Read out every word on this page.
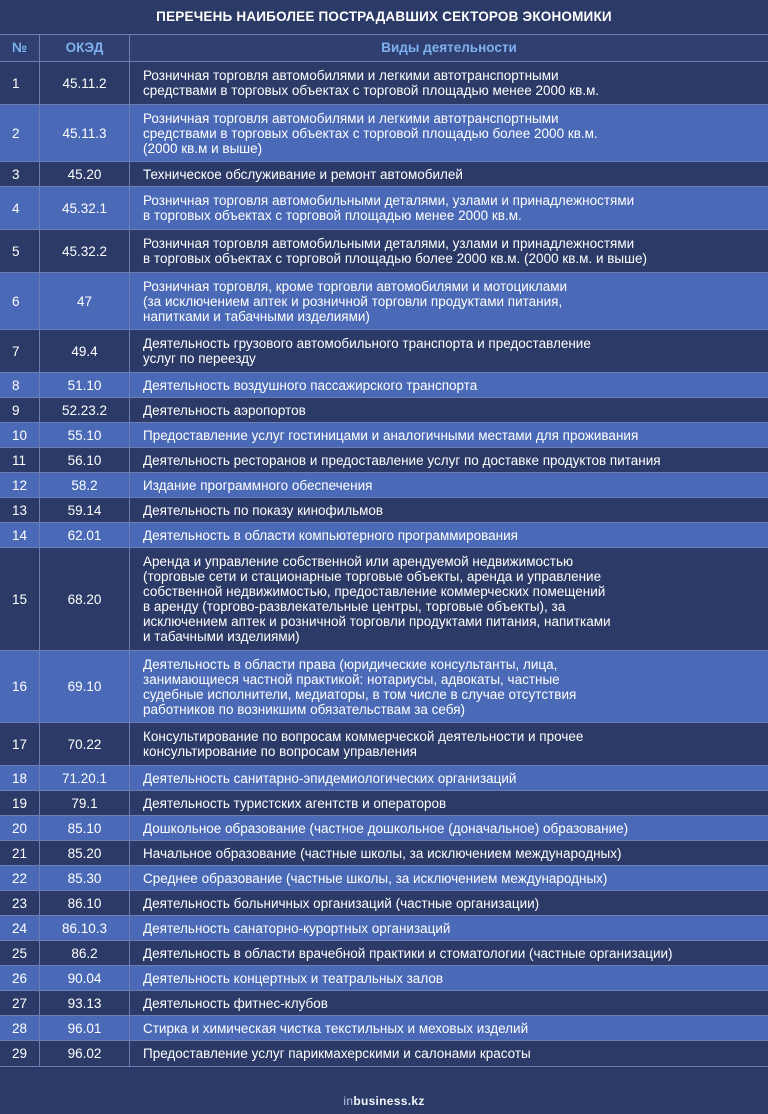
ПЕРЕЧЕНЬ НАИБОЛЕЕ ПОСТРАДАВШИХ СЕКТОРОВ ЭКОНОМИКИ
№	ОКЭД	Виды деятельности
1	45.11.2	Розничная торговля автомобилями и легкими автотранспортными
средствами в торговых объектах с торговой площадью менее 2000 кв.м.
2	45.11.3
Розничная торговля автомобилями и легкими автотранспортными
средствами в торговых объектах с торговой площадью более 2000 кв.м.
(2000 кв.м и выше)
3	45.20	Техническое обслуживание и ремонт автомобилей
4	45.32.1	Розничная торговля автомобильными деталями, узлами и принадлежностями
в торговых объектах с торговой площадью менее 2000 кв.м.
5	45.32.2	Розничная торговля автомобильными деталями, узлами и принадлежностями
в торговых объектах с торговой площадью более 2000 кв.м. (2000 кв.м. и выше)
6	47
Розничная торговля, кроме торговли автомобилями и мотоциклами
(за исключением аптек и розничной торговли продуктами питания,
напитками и табачными изделиями)
7	49.4	Деятельность грузового автомобильного транспорта и предоставление
услуг по переезду
8	51.10	Деятельность воздушного пассажирского транспорта
9	52.23.2	Деятельность аэропортов
10	55.10	Предоставление услуг гостиницами и аналогичными местами для проживания
11	56.10	Деятельность ресторанов и предоставление услуг по доставке продуктов питания
12	58.2	Издание программного обеспечения
13	59.14	Деятельность по показу кинофильмов
14	62.01	Деятельность в области компьютерного программирования
15	68.20
Аренда и управление собственной или арендуемой недвижимостью
(торговые сети и стационарные торговые объекты, аренда и управление
собственной недвижимостью, предоставление коммерческих помещений
в аренду (торгово-развлекательные центры, торговые объекты), за
исключением аптек и розничной торговли продуктами питания, напитками
и табачными изделиями)
16	69.10
Деятельность в области права (юридические консультанты, лица,
занимающиеся частной практикой: нотариусы, адвокаты, частные
судебные исполнители, медиаторы, в том числе в случае отсутствия
работников по возникшим обязательствам за себя)
17	70.22	Консультирование по вопросам коммерческой деятельности и прочее
консультирование по вопросам управления
18	71.20.1	Деятельность санитарно-эпидемиологических организаций
19	79.1	Деятельность туристских агентств и операторов
20	85.10	Дошкольное образование (частное дошкольное (доначальное) образование)
21	85.20	Начальное образование (частные школы, за исключением международных)
22	85.30	Среднее образование (частные школы, за исключением международных)
23	86.10	Деятельность больничных организаций (частные организации)
24	86.10.3	Деятельность санаторно-курортных организаций
25	86.2	Деятельность в области врачебной практики и стоматологии (частные организации)
26	90.04	Деятельность концертных и театральных залов
27	93.13	Деятельность фитнес-клубов
28	96.01	Стирка и химическая чистка текстильных и меховых изделий
29	96.02	Предоставление услуг парикмахерскими и салонами красоты
in business.kz
